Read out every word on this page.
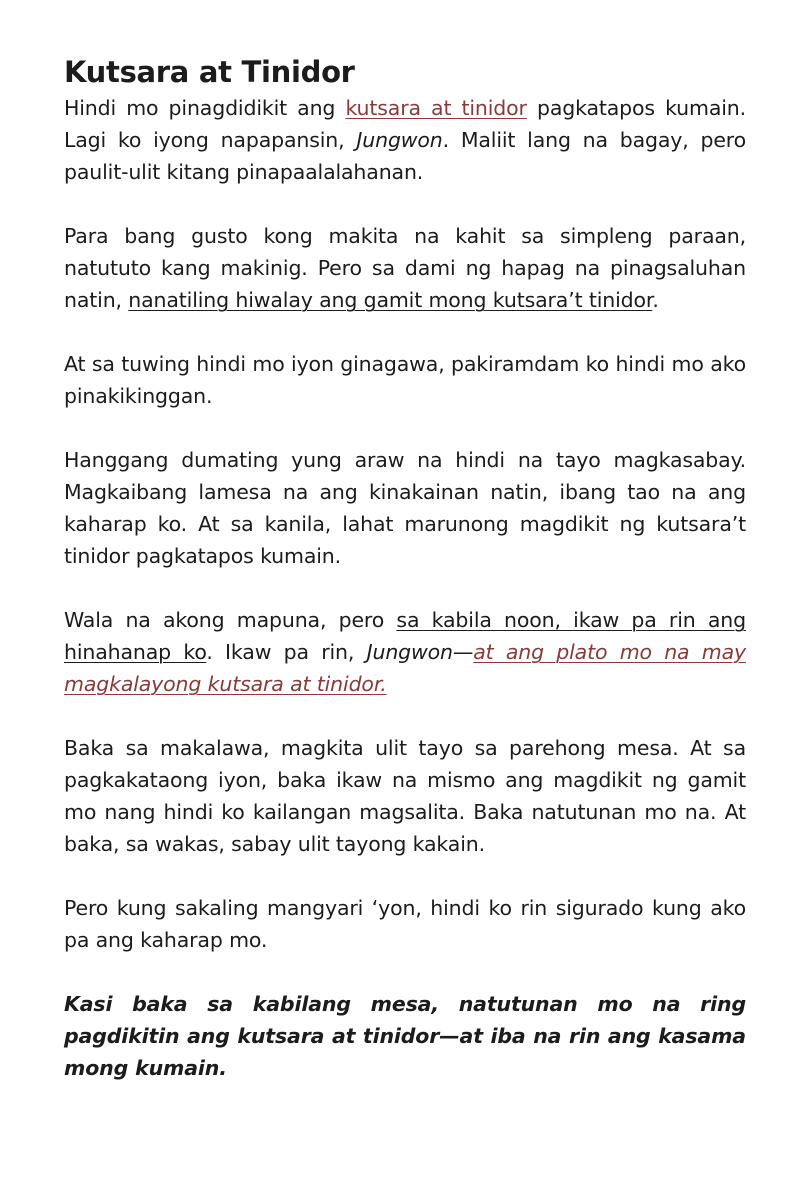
Kutsara at Tinidor

Hindi mo pinagdidikit ang kutsara at tinidor pagkatapos kumain. Lagi ko iyong napapansin, Jungwon. Maliit lang na bagay, pero paulit-ulit kitang pinapaalalahanan.

Para bang gusto kong makita na kahit sa simpleng paraan, natututo kang makinig. Pero sa dami ng hapag na pinagsaluhan natin, nanatiling hiwalay ang gamit mong kutsara’t tinidor.

At sa tuwing hindi mo iyon ginagawa, pakiramdam ko hindi mo ako pinakikinggan.

Hanggang dumating yung araw na hindi na tayo magkasabay. Magkaibang lamesa na ang kinakainan natin, ibang tao na ang kaharap ko. At sa kanila, lahat marunong magdikit ng kutsara’t tinidor pagkatapos kumain.

Wala na akong mapuna, pero sa kabila noon, ikaw pa rin ang hinahanap ko. Ikaw pa rin, Jungwon—at ang plato mo na may magkalayong kutsara at tinidor.

Baka sa makalawa, magkita ulit tayo sa parehong mesa. At sa pagkakataong iyon, baka ikaw na mismo ang magdikit ng gamit mo nang hindi ko kailangan magsalita. Baka natutunan mo na. At baka, sa wakas, sabay ulit tayong kakain.

Pero kung sakaling mangyari ‘yon, hindi ko rin sigurado kung ako pa ang kaharap mo.

Kasi baka sa kabilang mesa, natutunan mo na ring pagdikitin ang kutsara at tinidor—at iba na rin ang kasama mong kumain.
